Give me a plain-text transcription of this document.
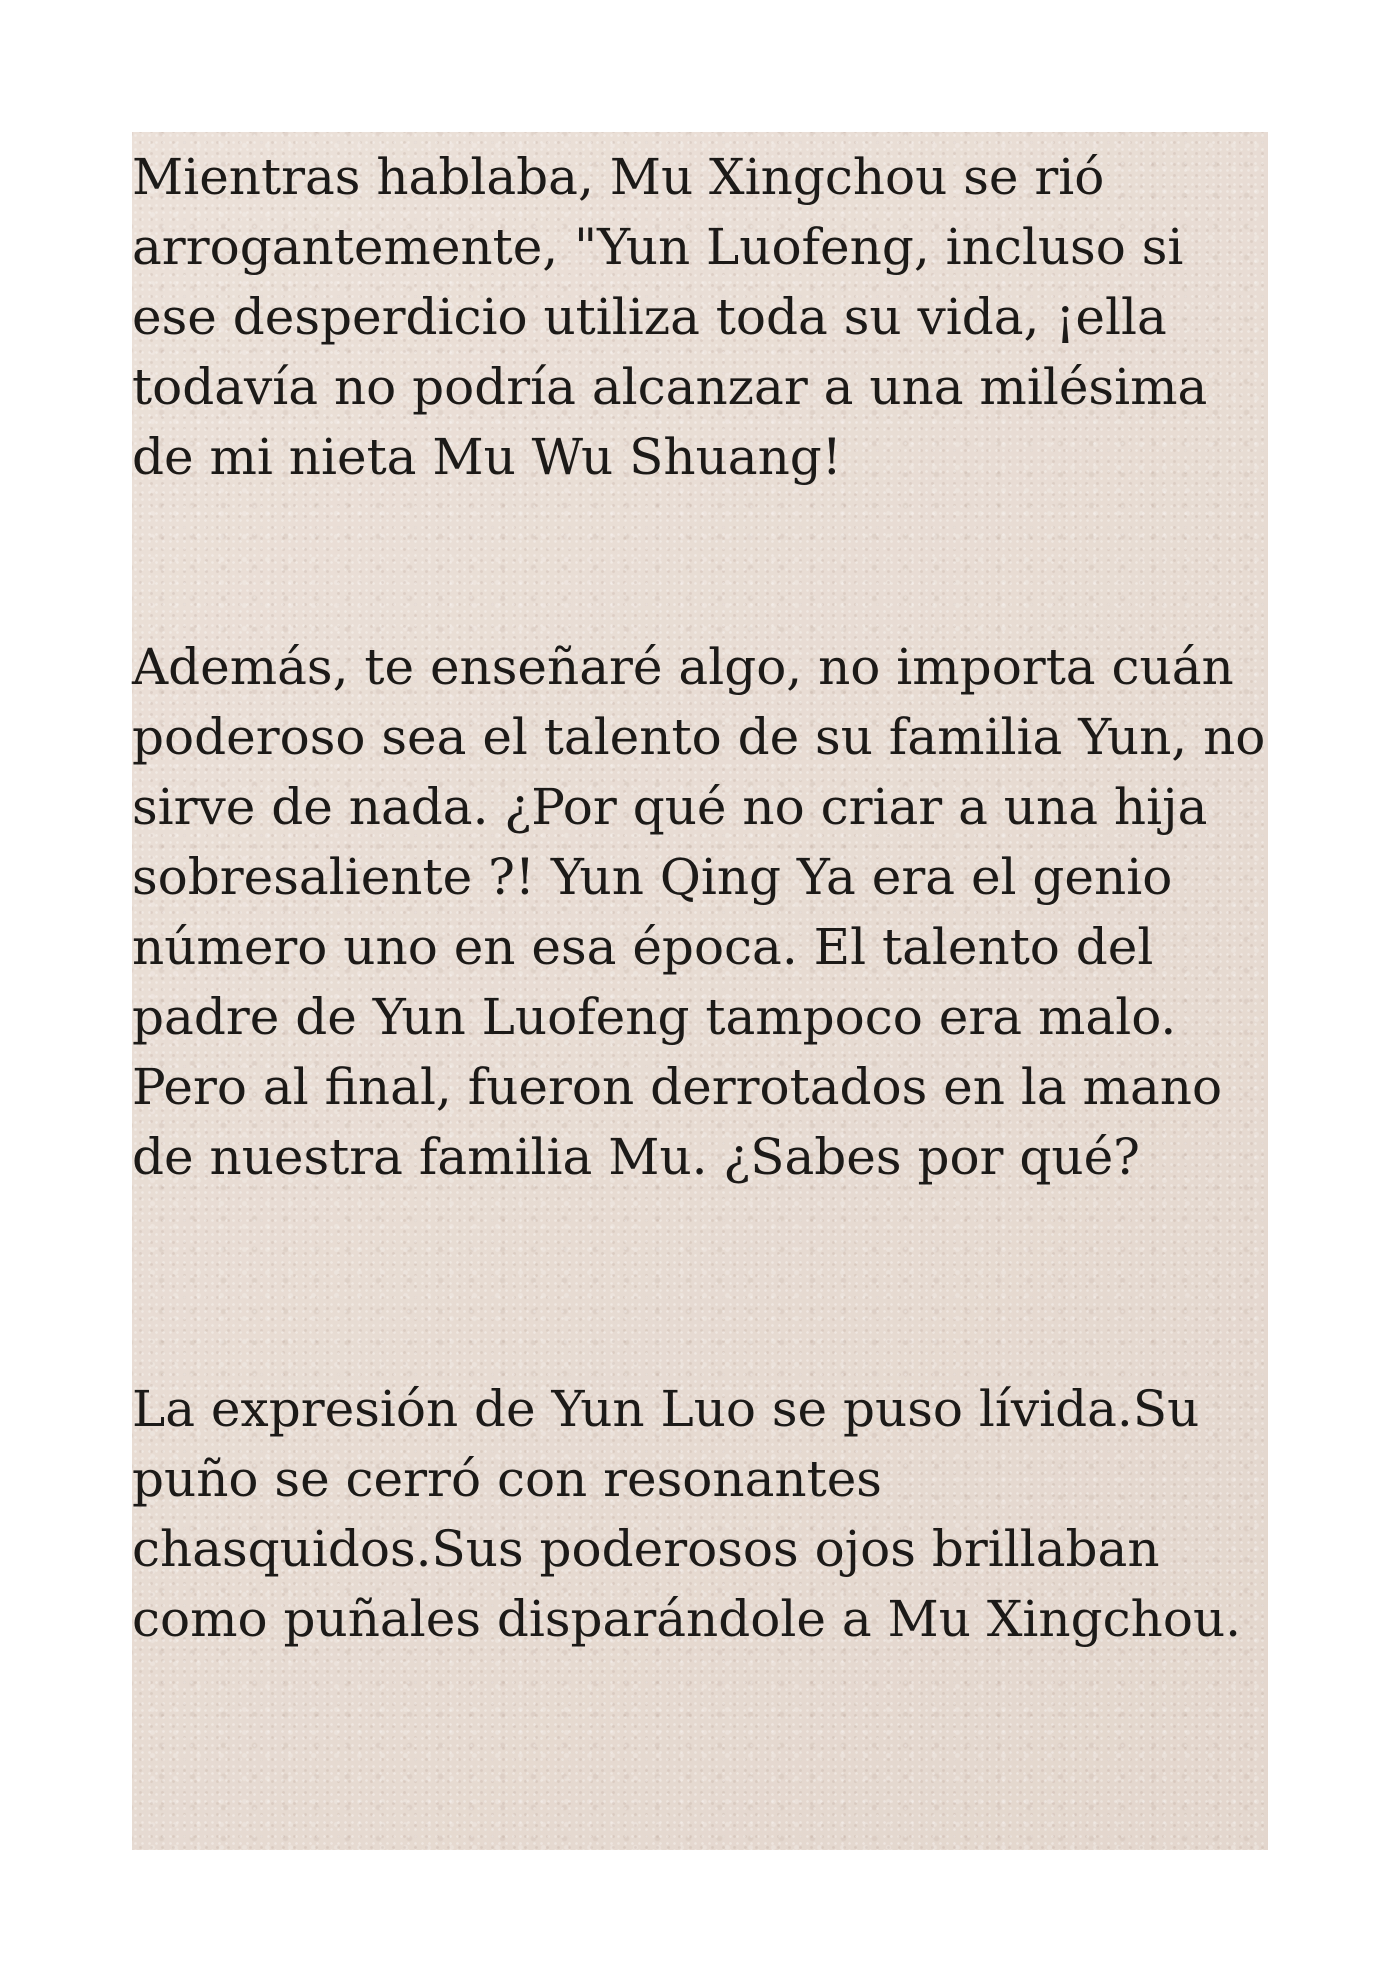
Mientras hablaba, Mu Xingchou se rió arrogantemente, "Yun Luofeng, incluso si ese desperdicio utiliza toda su vida, ¡ella todavía no podría alcanzar a una milésima de mi nieta Mu Wu Shuang!

Además, te enseñaré algo, no importa cuán poderoso sea el talento de su familia Yun, no sirve de nada. ¿Por qué no criar a una hija sobresaliente ?! Yun Qing Ya era el genio número uno en esa época. El talento del padre de Yun Luofeng tampoco era malo. Pero al final, fueron derrotados en la mano de nuestra familia Mu. ¿Sabes por qué?

La expresión de Yun Luo se puso lívida.Su puño se cerró con resonantes chasquidos.Sus poderosos ojos brillaban como puñales disparándole a Mu Xingchou.
